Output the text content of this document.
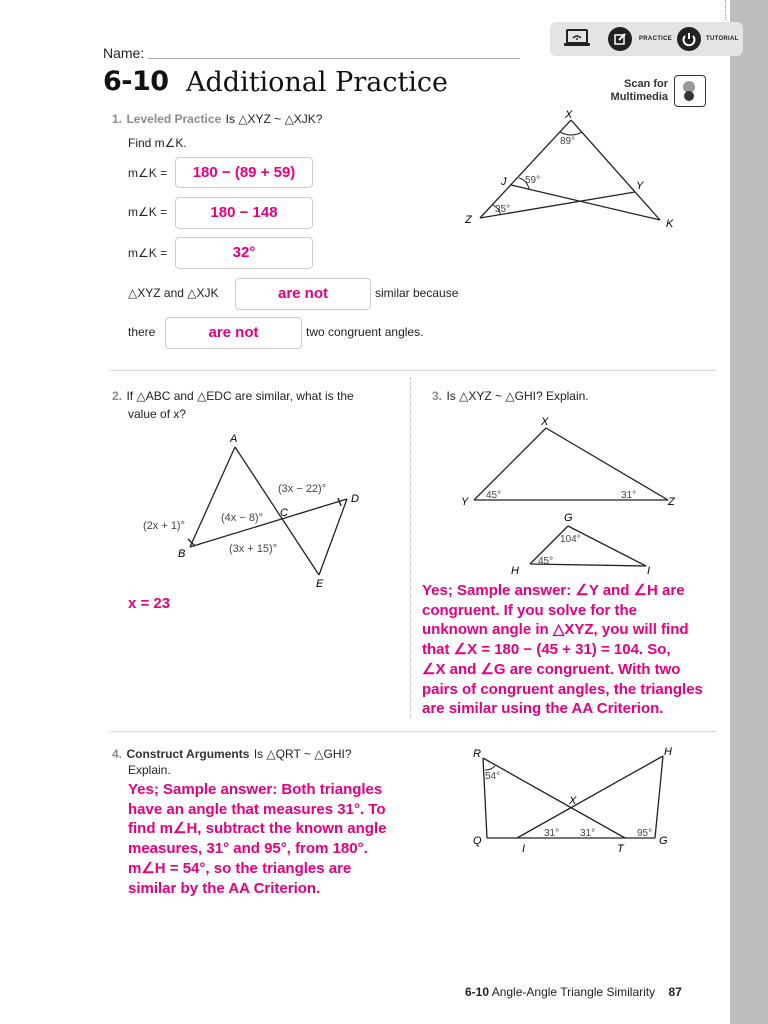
Name:
6-10 Additional Practice
PRACTICE	TUTORIAL
Scan for
Multimedia
1. Leveled Practice Is △XYZ ~ △XJK?
Find m∠K.
m∠K =	180 − (89 + 59)
m∠K =	180 − 148
m∠K =	32°
△XYZ and △XJK	are not	similar because
there	are not	two congruent angles.
X
J	Y
Z	K
89°
59°
35°
2. If △ABC and △EDC are similar, what is the
value of x?
A
B
C
D
E
(3x − 22)°
(4x − 8)°
(2x + 1)°
(3x + 15)°
x = 23
3. Is △XYZ ~ △GHI? Explain.
X
Y	Z
G
H	I
45°	31°
104°
45°
Yes; Sample answer: ∠Y and ∠H are
congruent. If you solve for the
unknown angle in △XYZ, you will find
that ∠X = 180 − (45 + 31) = 104. So,
∠X and ∠G are congruent. With two
pairs of congruent angles, the triangles
are similar using the AA Criterion.
4. Construct Arguments Is △QRT ~ △GHI?
Explain.
Yes; Sample answer: Both triangles
have an angle that measures 31°. To
find m∠H, subtract the known angle
measures, 31° and 95°, from 180°.
m∠H = 54°, so the triangles are
similar by the AA Criterion.
R	H
X
Q
I	T
G
54°
31° 31°	95°
6-10 Angle-Angle Triangle Similarity 87
